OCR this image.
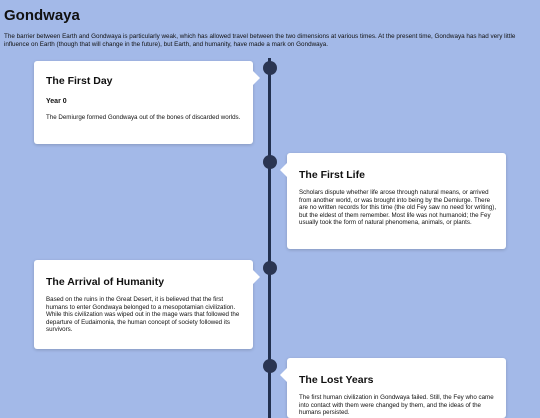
Gondwaya

The barrier between Earth and Gondwaya is particularly weak, which has allowed travel between the two dimensions at various times. At the present time, Gondwaya has had very little influence on Earth (though that will change in the future), but Earth, and humanity, have made a mark on Gondwaya.

The First Day
Year 0

The Demiurge formed Gondwaya out of the bones of discarded worlds.

The First Life

Scholars dispute whether life arose through natural means, or arrived from another world, or was brought into being by the Demiurge. There are no written records for this time (the old Fey saw no need for writing), but the eldest of them remember. Most life was not humanoid; the Fey usually took the form of natural phenomena, animals, or plants.

The Arrival of Humanity

Based on the ruins in the Great Desert, it is believed that the first humans to enter Gondwaya belonged to a mesopotamian civilization. While this civilization was wiped out in the mage wars that followed the departure of Eudaimonia, the human concept of society followed its survivors.

The Lost Years

The first human civilization in Gondwaya failed. Still, the Fey who came into contact with them were changed by them, and the ideas of the humans persisted.
